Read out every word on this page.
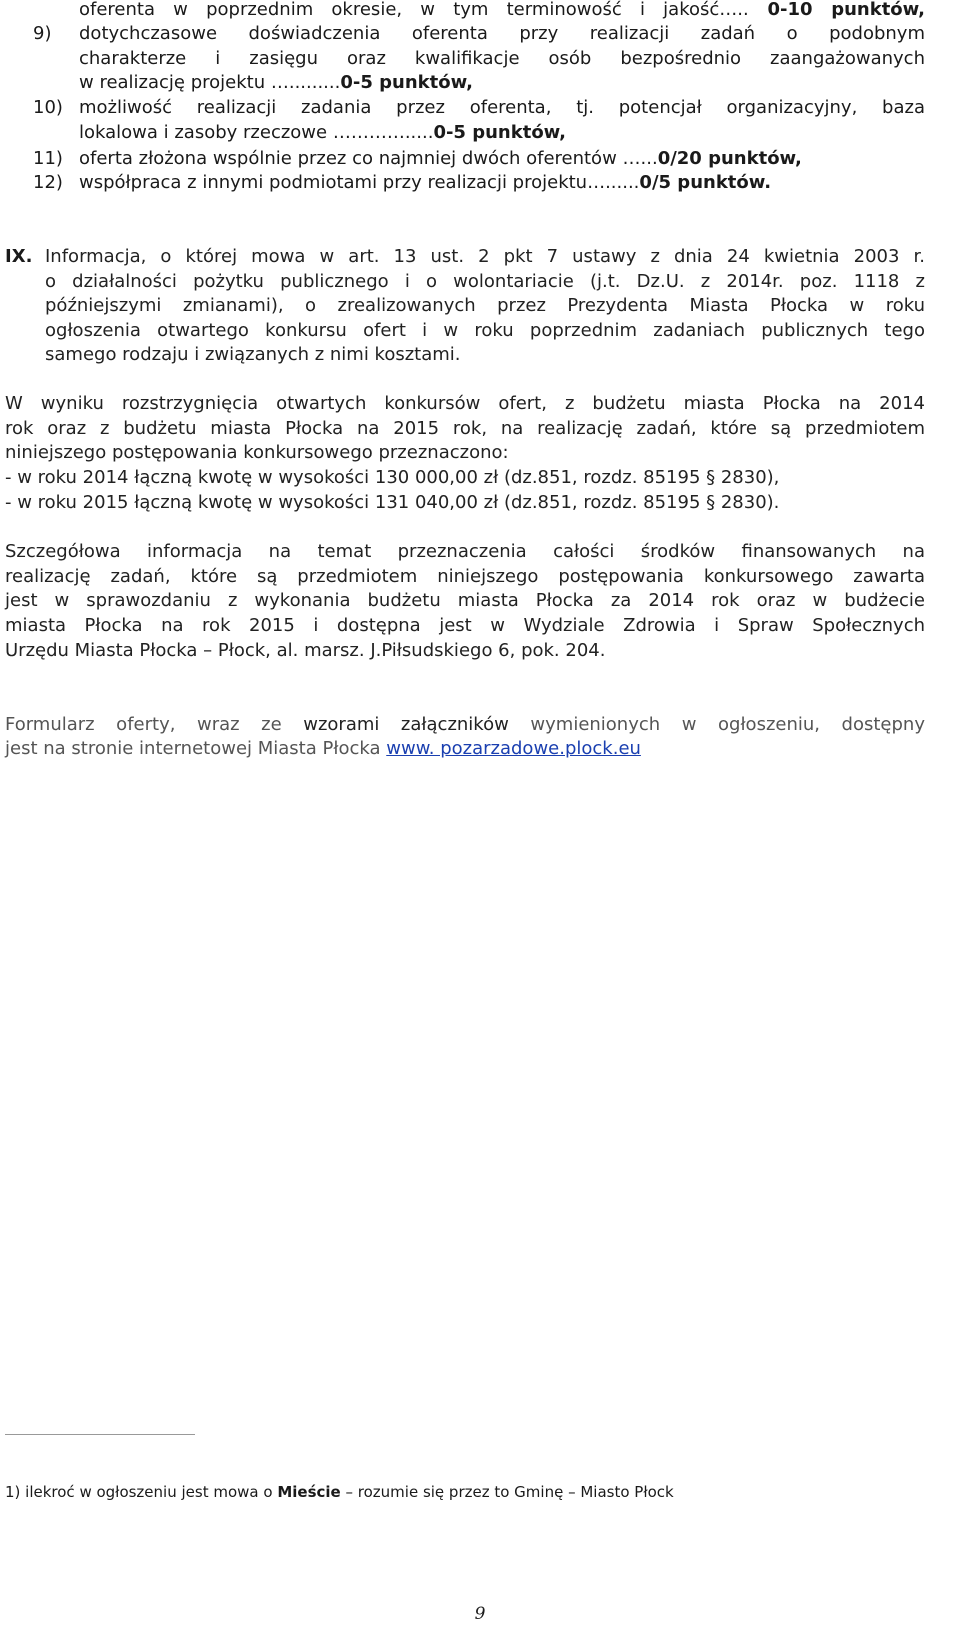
oferenta w poprzednim okresie, w tym terminowość i jakość….. 0-10 punktów,
9) dotychczasowe doświadczenia oferenta przy realizacji zadań o podobnym
charakterze i zasięgu oraz kwalifikacje osób bezpośrednio zaangażowanych
w realizację projektu ….........0-5 punktów,
10) możliwość realizacji zadania przez oferenta, tj. potencjał organizacyjny, baza
lokalowa i zasoby rzeczowe ………….....0-5 punktów,
11) oferta złożona wspólnie przez co najmniej dwóch oferentów …...0/20 punktów,
12) współpraca z innymi podmiotami przy realizacji projektu…......0/5 punktów.
IX. Informacja, o której mowa w art. 13 ust. 2 pkt 7 ustawy z dnia 24 kwietnia 2003 r.
o działalności pożytku publicznego i o wolontariacie (j.t. Dz.U. z 2014r. poz. 1118 z
późniejszymi zmianami), o zrealizowanych przez Prezydenta Miasta Płocka w roku
ogłoszenia otwartego konkursu ofert i w roku poprzednim zadaniach publicznych tego
samego rodzaju i związanych z nimi kosztami.
W wyniku rozstrzygnięcia otwartych konkursów ofert, z budżetu miasta Płocka na 2014
rok oraz z budżetu miasta Płocka na 2015 rok, na realizację zadań, które są przedmiotem
niniejszego postępowania konkursowego przeznaczono:
- w roku 2014 łączną kwotę w wysokości 130 000,00 zł (dz.851, rozdz. 85195 § 2830),
- w roku 2015 łączną kwotę w wysokości 131 040,00 zł (dz.851, rozdz. 85195 § 2830).
Szczegółowa informacja na temat przeznaczenia całości środków finansowanych na
realizację zadań, które są przedmiotem niniejszego postępowania konkursowego zawarta
jest w sprawozdaniu z wykonania budżetu miasta Płocka za 2014 rok oraz w budżecie
miasta Płocka na rok 2015 i dostępna jest w Wydziale Zdrowia i Spraw Społecznych
Urzędu Miasta Płocka – Płock, al. marsz. J.Piłsudskiego 6, pok. 204.
Formularz oferty, wraz ze wzorami załączników wymienionych w ogłoszeniu, dostępny
jest na stronie internetowej Miasta Płocka www. pozarzadowe.plock.eu
1) ilekroć w ogłoszeniu jest mowa o Mieście – rozumie się przez to Gminę – Miasto Płock
9
